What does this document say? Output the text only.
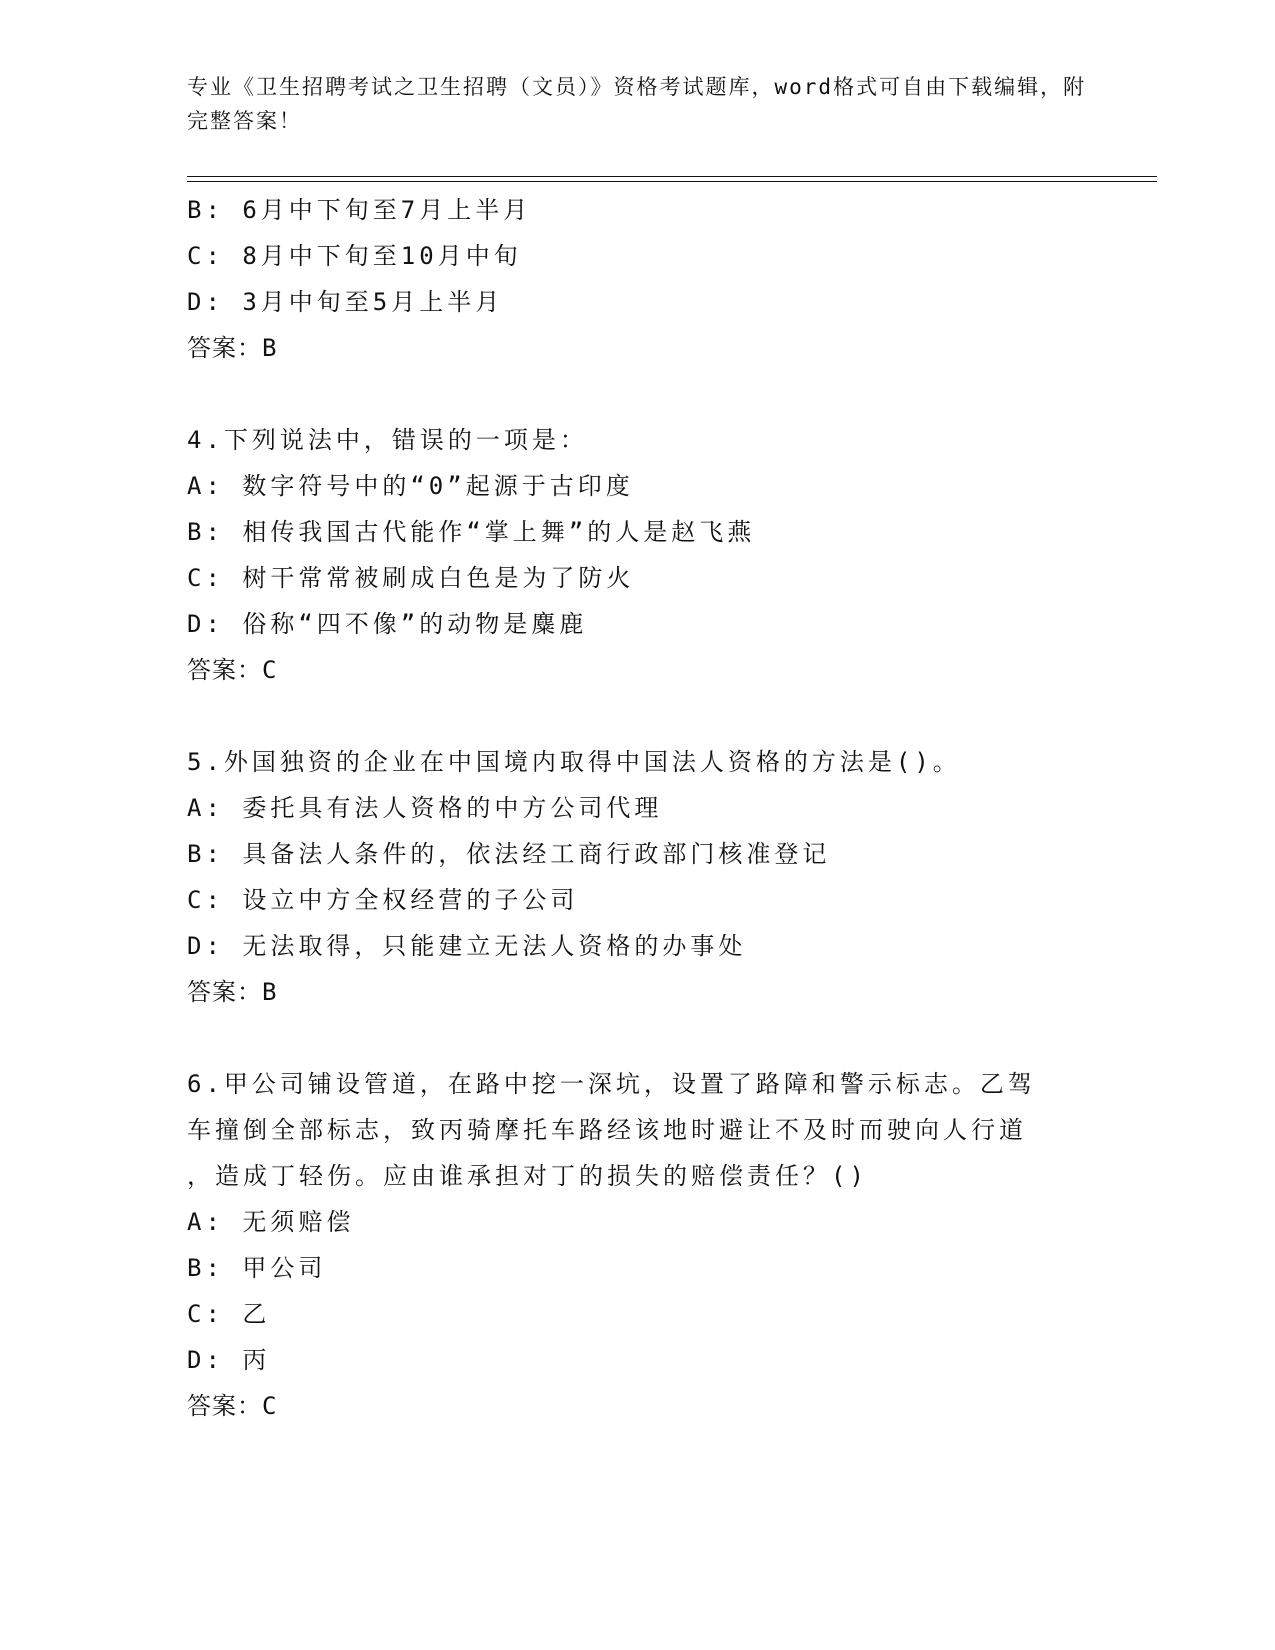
专业《卫生招聘考试之卫生招聘（文员）》资格考试题库，word格式可自由下载编辑，附完整答案！
B: 6月中下旬至7月上半月
C: 8月中下旬至10月中旬
D: 3月中旬至5月上半月
答案：B
4.下列说法中，错误的一项是：
A: 数字符号中的“0”起源于古印度
B: 相传我国古代能作“掌上舞”的人是赵飞燕
C: 树干常常被刷成白色是为了防火
D: 俗称“四不像”的动物是麋鹿
答案：C
5.外国独资的企业在中国境内取得中国法人资格的方法是()。
A: 委托具有法人资格的中方公司代理
B: 具备法人条件的，依法经工商行政部门核准登记
C: 设立中方全权经营的子公司
D: 无法取得，只能建立无法人资格的办事处
答案：B
6.甲公司铺设管道，在路中挖一深坑，设置了路障和警示标志。乙驾
车撞倒全部标志，致丙骑摩托车路经该地时避让不及时而驶向人行道
，造成丁轻伤。应由谁承担对丁的损失的赔偿责任？()
A: 无须赔偿
B: 甲公司
C: 乙
D: 丙
答案：C
